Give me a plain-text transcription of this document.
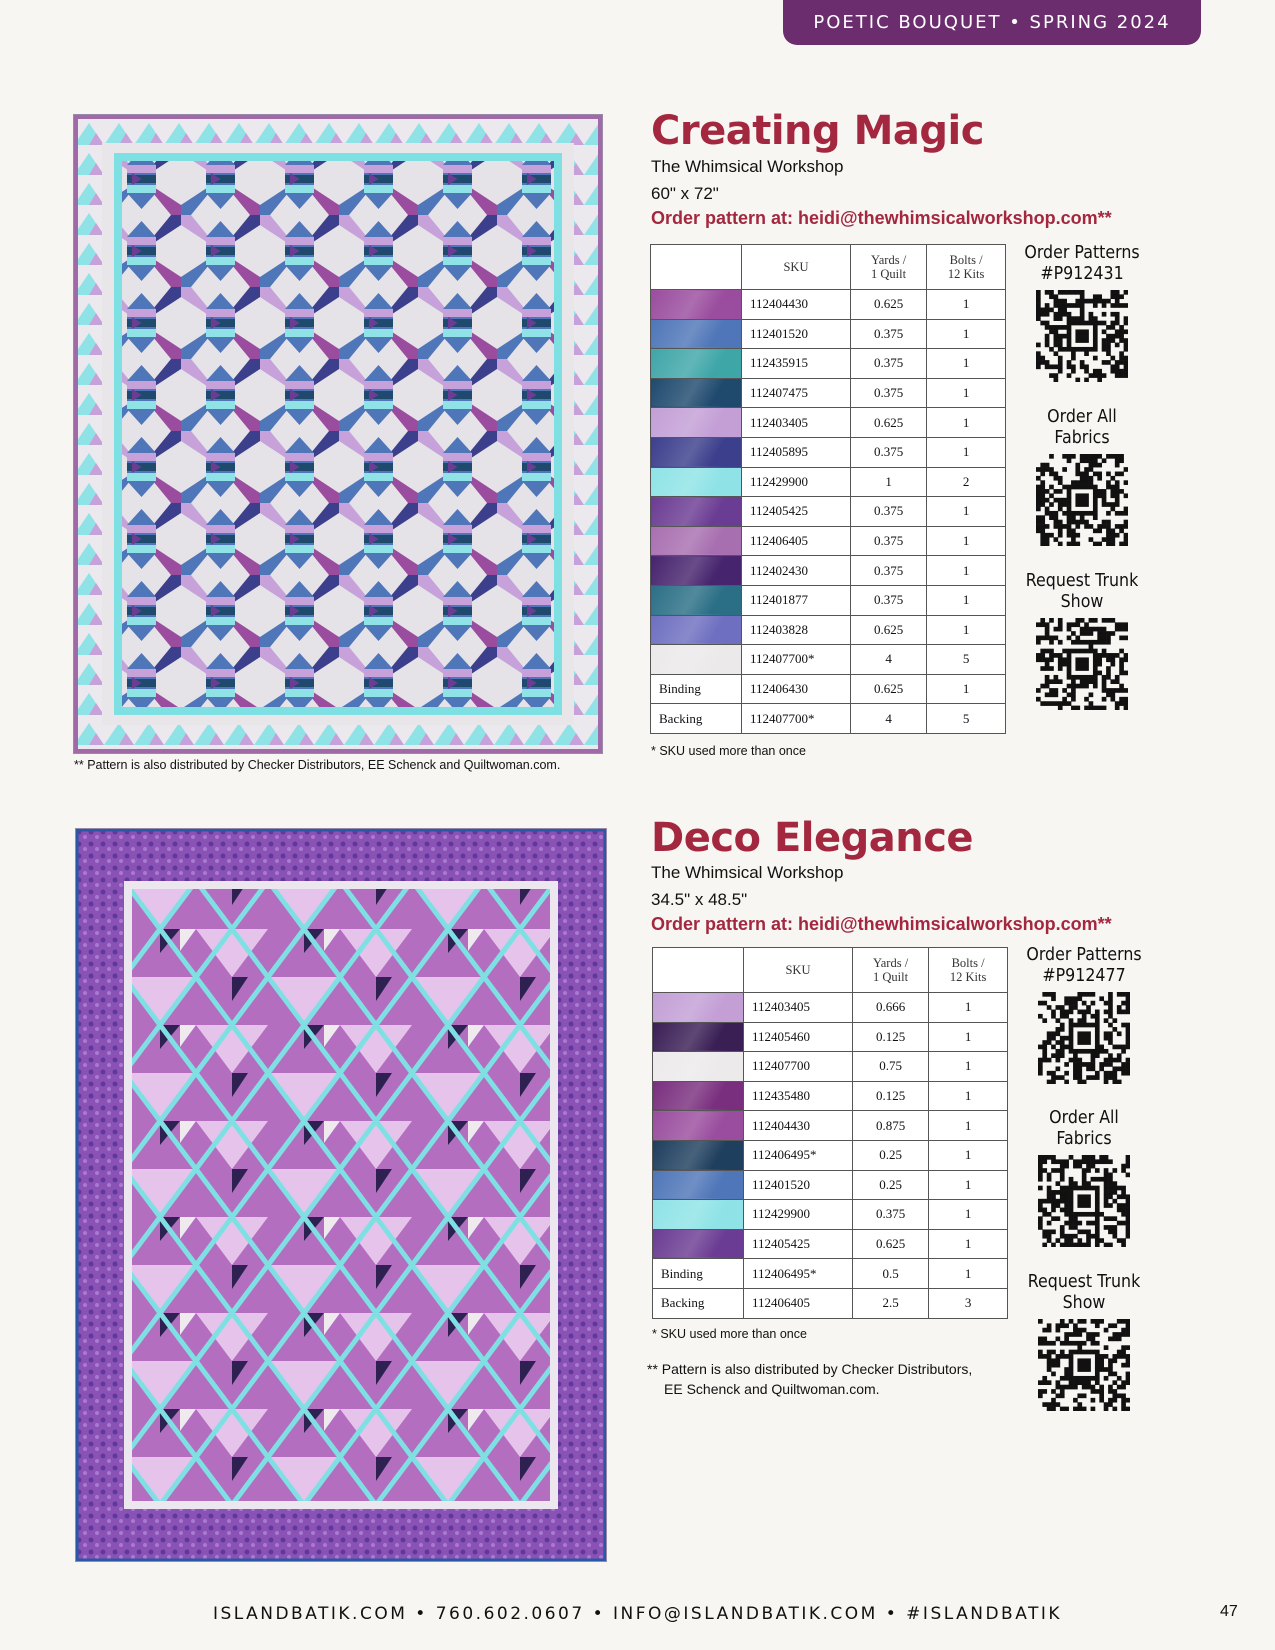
POETIC BOUQUET • SPRING 2024
Creating Magic

The Whimsical Workshop

60" x 72"

Order pattern at: heidi@thewhimsicalworkshop.com**

	SKU	Yards /
1 Quilt	Bolts /
12 Kits
	112404430	0.625	1
	112401520	0.375	1
	112435915	0.375	1
	112407475	0.375	1
	112403405	0.625	1
	112405895	0.375	1
	112429900	1	2
	112405425	0.375	1
	112406405	0.375	1
	112402430	0.375	1
	112401877	0.375	1
	112403828	0.625	1
	112407700*	4	5
Binding	112406430	0.625	1
Backing	112407700*	4	5

* SKU used more than once

** Pattern is also distributed by Checker Distributors, EE Schenck and Quiltwoman.com.

Order Patterns #P912431

Order All Fabrics

Request Trunk Show

Deco Elegance

The Whimsical Workshop

34.5" x 48.5"

Order pattern at: heidi@thewhimsicalworkshop.com**

	SKU	Yards /
1 Quilt	Bolts /
12 Kits
	112403405	0.666	1
	112405460	0.125	1
	112407700	0.75	1
	112435480	0.125	1
	112404430	0.875	1
	112406495*	0.25	1
	112401520	0.25	1
	112429900	0.375	1
	112405425	0.625	1
Binding	112406495*	0.5	1
Backing	112406405	2.5	3

* SKU used more than once

** Pattern is also distributed by Checker Distributors,
EE Schenck and Quiltwoman.com.

Order Patterns #P912477

Order All Fabrics

Request Trunk Show

ISLANDBATIK.COM • 760.602.0607 • INFO@ISLANDBATIK.COM • #ISLANDBATIK	47
